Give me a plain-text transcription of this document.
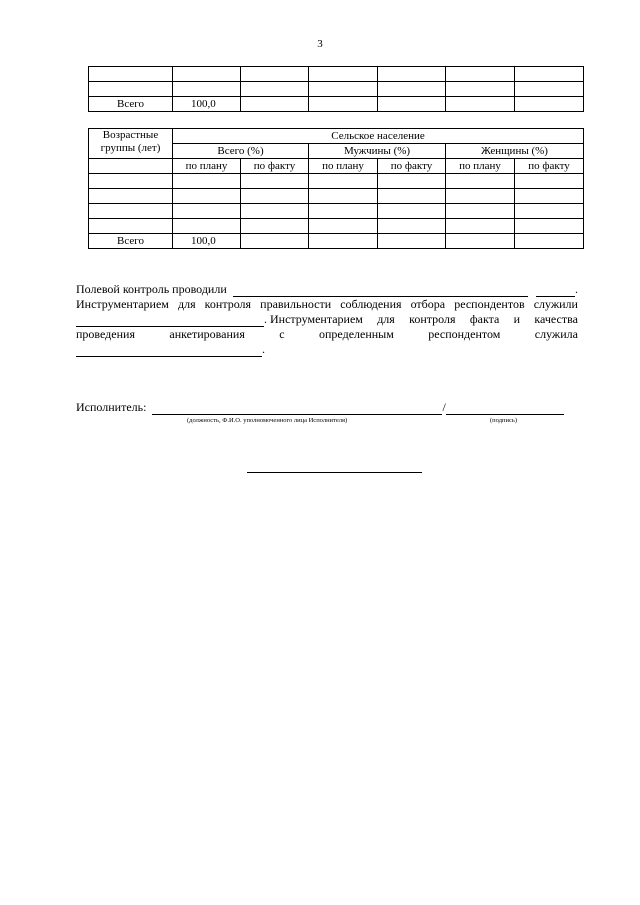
3

Всего	100,0					
Возрастные группы (лет)	Сельское население					
	Всего (%)		Мужчины (%)		Женщины (%)	
	по плану	по факту	по плану	по факту	по плану	по факту

Всего	100,0					
Полевой контроль проводили	.
Инструментарием для контроля правильности соблюдения отбора респондентов служили
. Инструментарием для контроля факта и качества
проведения	анкетирования	с	определенным	респондентом	служила
.
Исполнитель:	/
(должность, Ф.И.О. уполномоченного лица Исполнителя)	(подпись)
